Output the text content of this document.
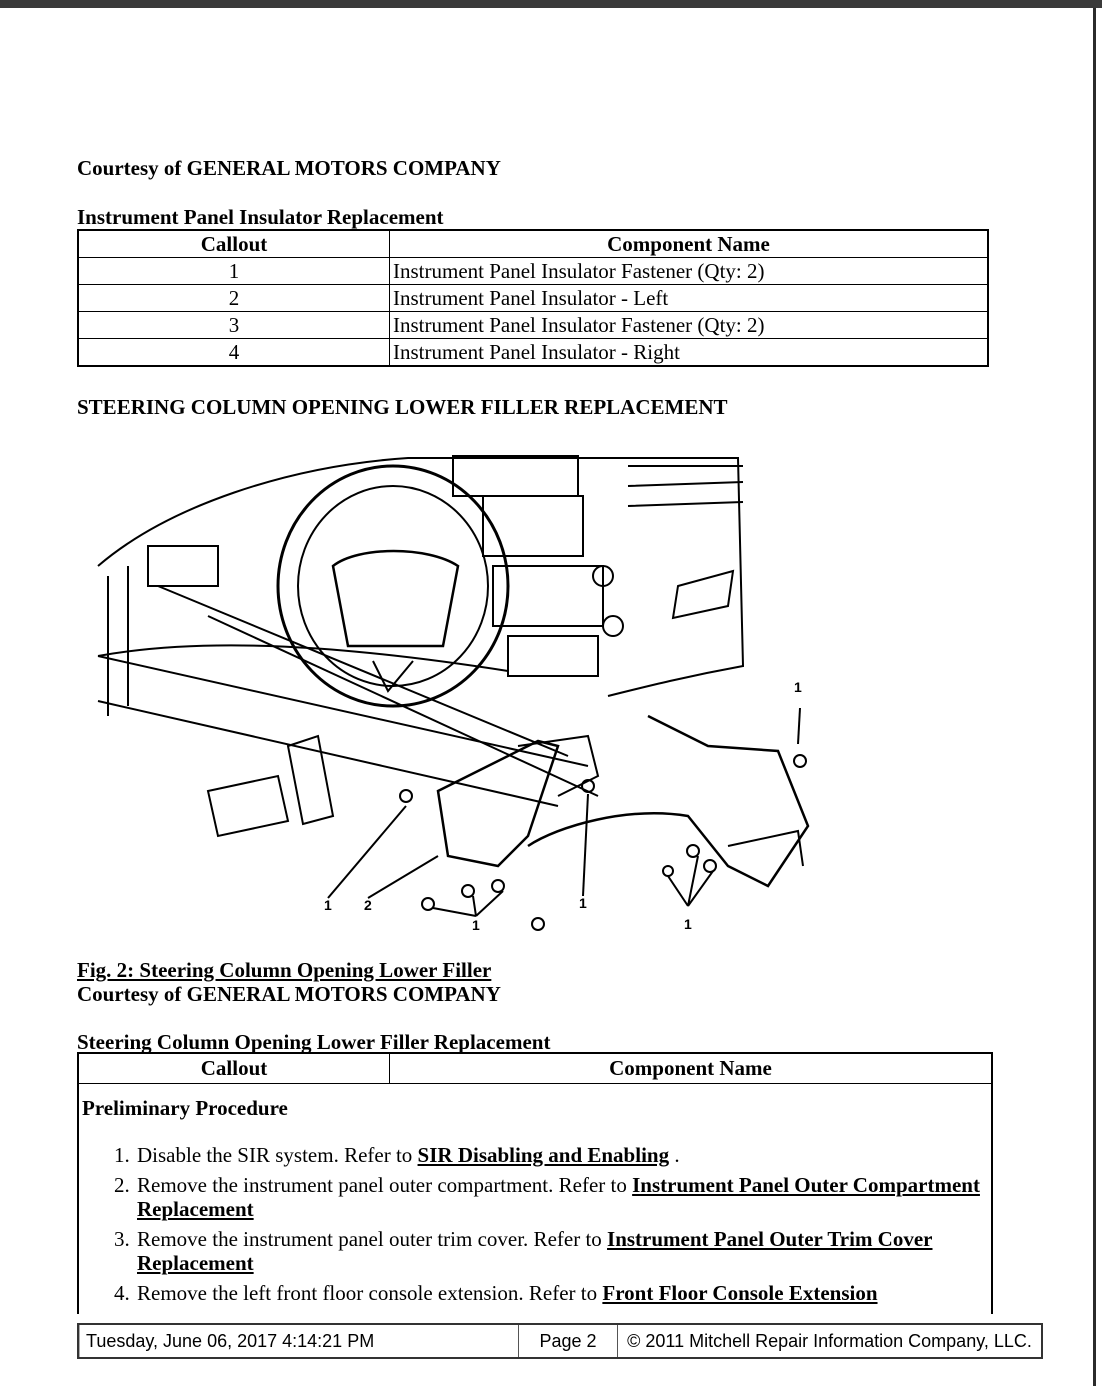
Courtesy of GENERAL MOTORS COMPANY
Instrument Panel Insulator Replacement
Callout	Component Name
1	Instrument Panel Insulator Fastener (Qty: 2)
2	Instrument Panel Insulator - Left
3	Instrument Panel Insulator Fastener (Qty: 2)
4	Instrument Panel Insulator - Right
STEERING COLUMN OPENING LOWER FILLER REPLACEMENT
1 2	1
1
1
1
Fig. 2: Steering Column Opening Lower Filler
Courtesy of GENERAL MOTORS COMPANY
Steering Column Opening Lower Filler Replacement
Callout	Component Name
Preliminary Procedure
1. Disable the SIR system. Refer to SIR Disabling and Enabling .
2. Remove the instrument panel outer compartment. Refer to Instrument Panel Outer Compartment Replacement
3. Remove the instrument panel outer trim cover. Refer to Instrument Panel Outer Trim Cover Replacement
4. Remove the left front floor console extension. Refer to Front Floor Console Extension
Tuesday, June 06, 2017 4:14:21 PM	Page 2	© 2011 Mitchell Repair Information Company, LLC.
